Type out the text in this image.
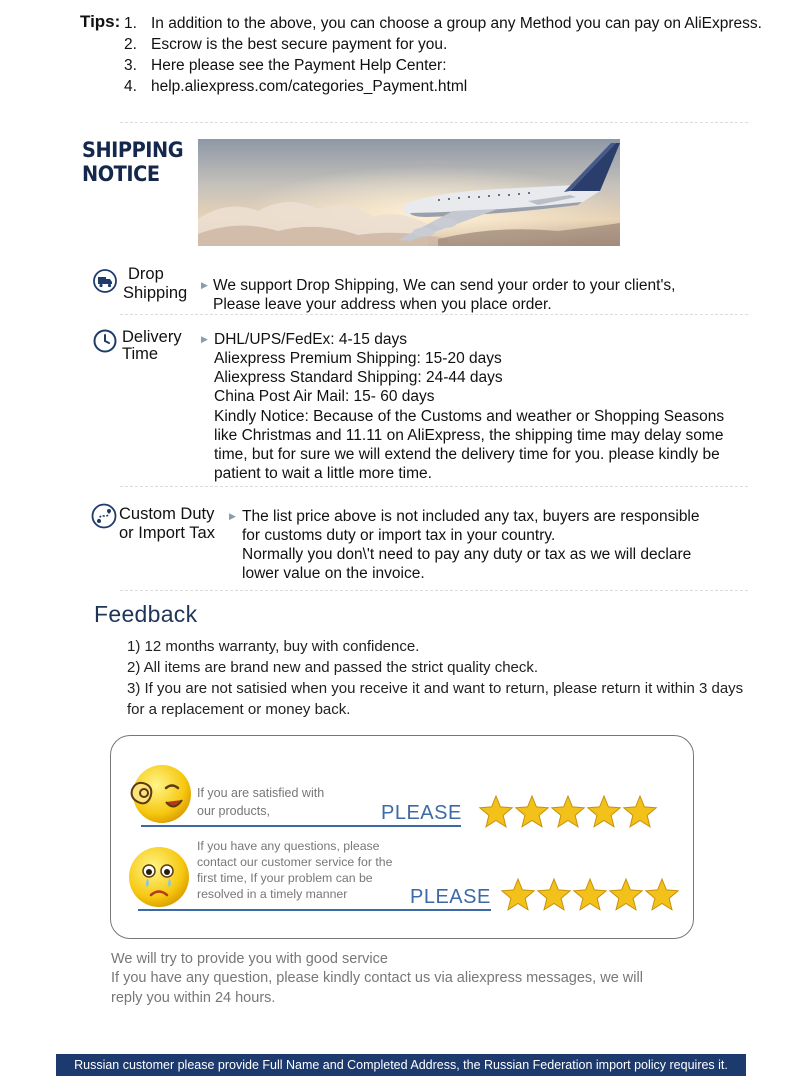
Tips: 1. In addition to the above, you can choose a group any Method you can pay on AliExpress.
2. Escrow is the best secure payment for you.
3. Here please see the Payment Help Center:
4. help.aliexpress.com/categories_Payment.html
SHIPPING
NOTICE
Drop
Shipping ▶ We support Drop Shipping, We can send your order to your client's,
Please leave your address when you place order.
Delivery
Time
▶ DHL/UPS/FedEx: 4-15 days
Aliexpress Premium Shipping: 15-20 days
Aliexpress Standard Shipping: 24-44 days
China Post Air Mail: 15- 60 days
Kindly Notice: Because of the Customs and weather or Shopping Seasons
like Christmas and 11.11 on AliExpress, the shipping time may delay some
time, but for sure we will extend the delivery time for you. please kindly be
patient to wait a little more time.
Custom Duty
or Import Tax
▶ The list price above is not included any tax, buyers are responsible
for customs duty or import tax in your country.
Normally you don\'t need to pay any duty or tax as we will declare
lower value on the invoice.
Feedback
1) 12 months warranty, buy with confidence.
2) All items are brand new and passed the strict quality check.
3) If you are not satisied when you receive it and want to return, please return it within 3 days
for a replacement or money back.
If you are satisfied with
our products,	PLEASE
If you have any questions, please
contact our customer service for the
first time, If your problem can be
resolved in a timely manner	PLEASE
We will try to provide you with good service
If you have any question, please kindly contact us via aliexpress messages, we will
reply you within 24 hours.
Russian customer please provide Full Name and Completed Address, the Russian Federation import policy requires it.
